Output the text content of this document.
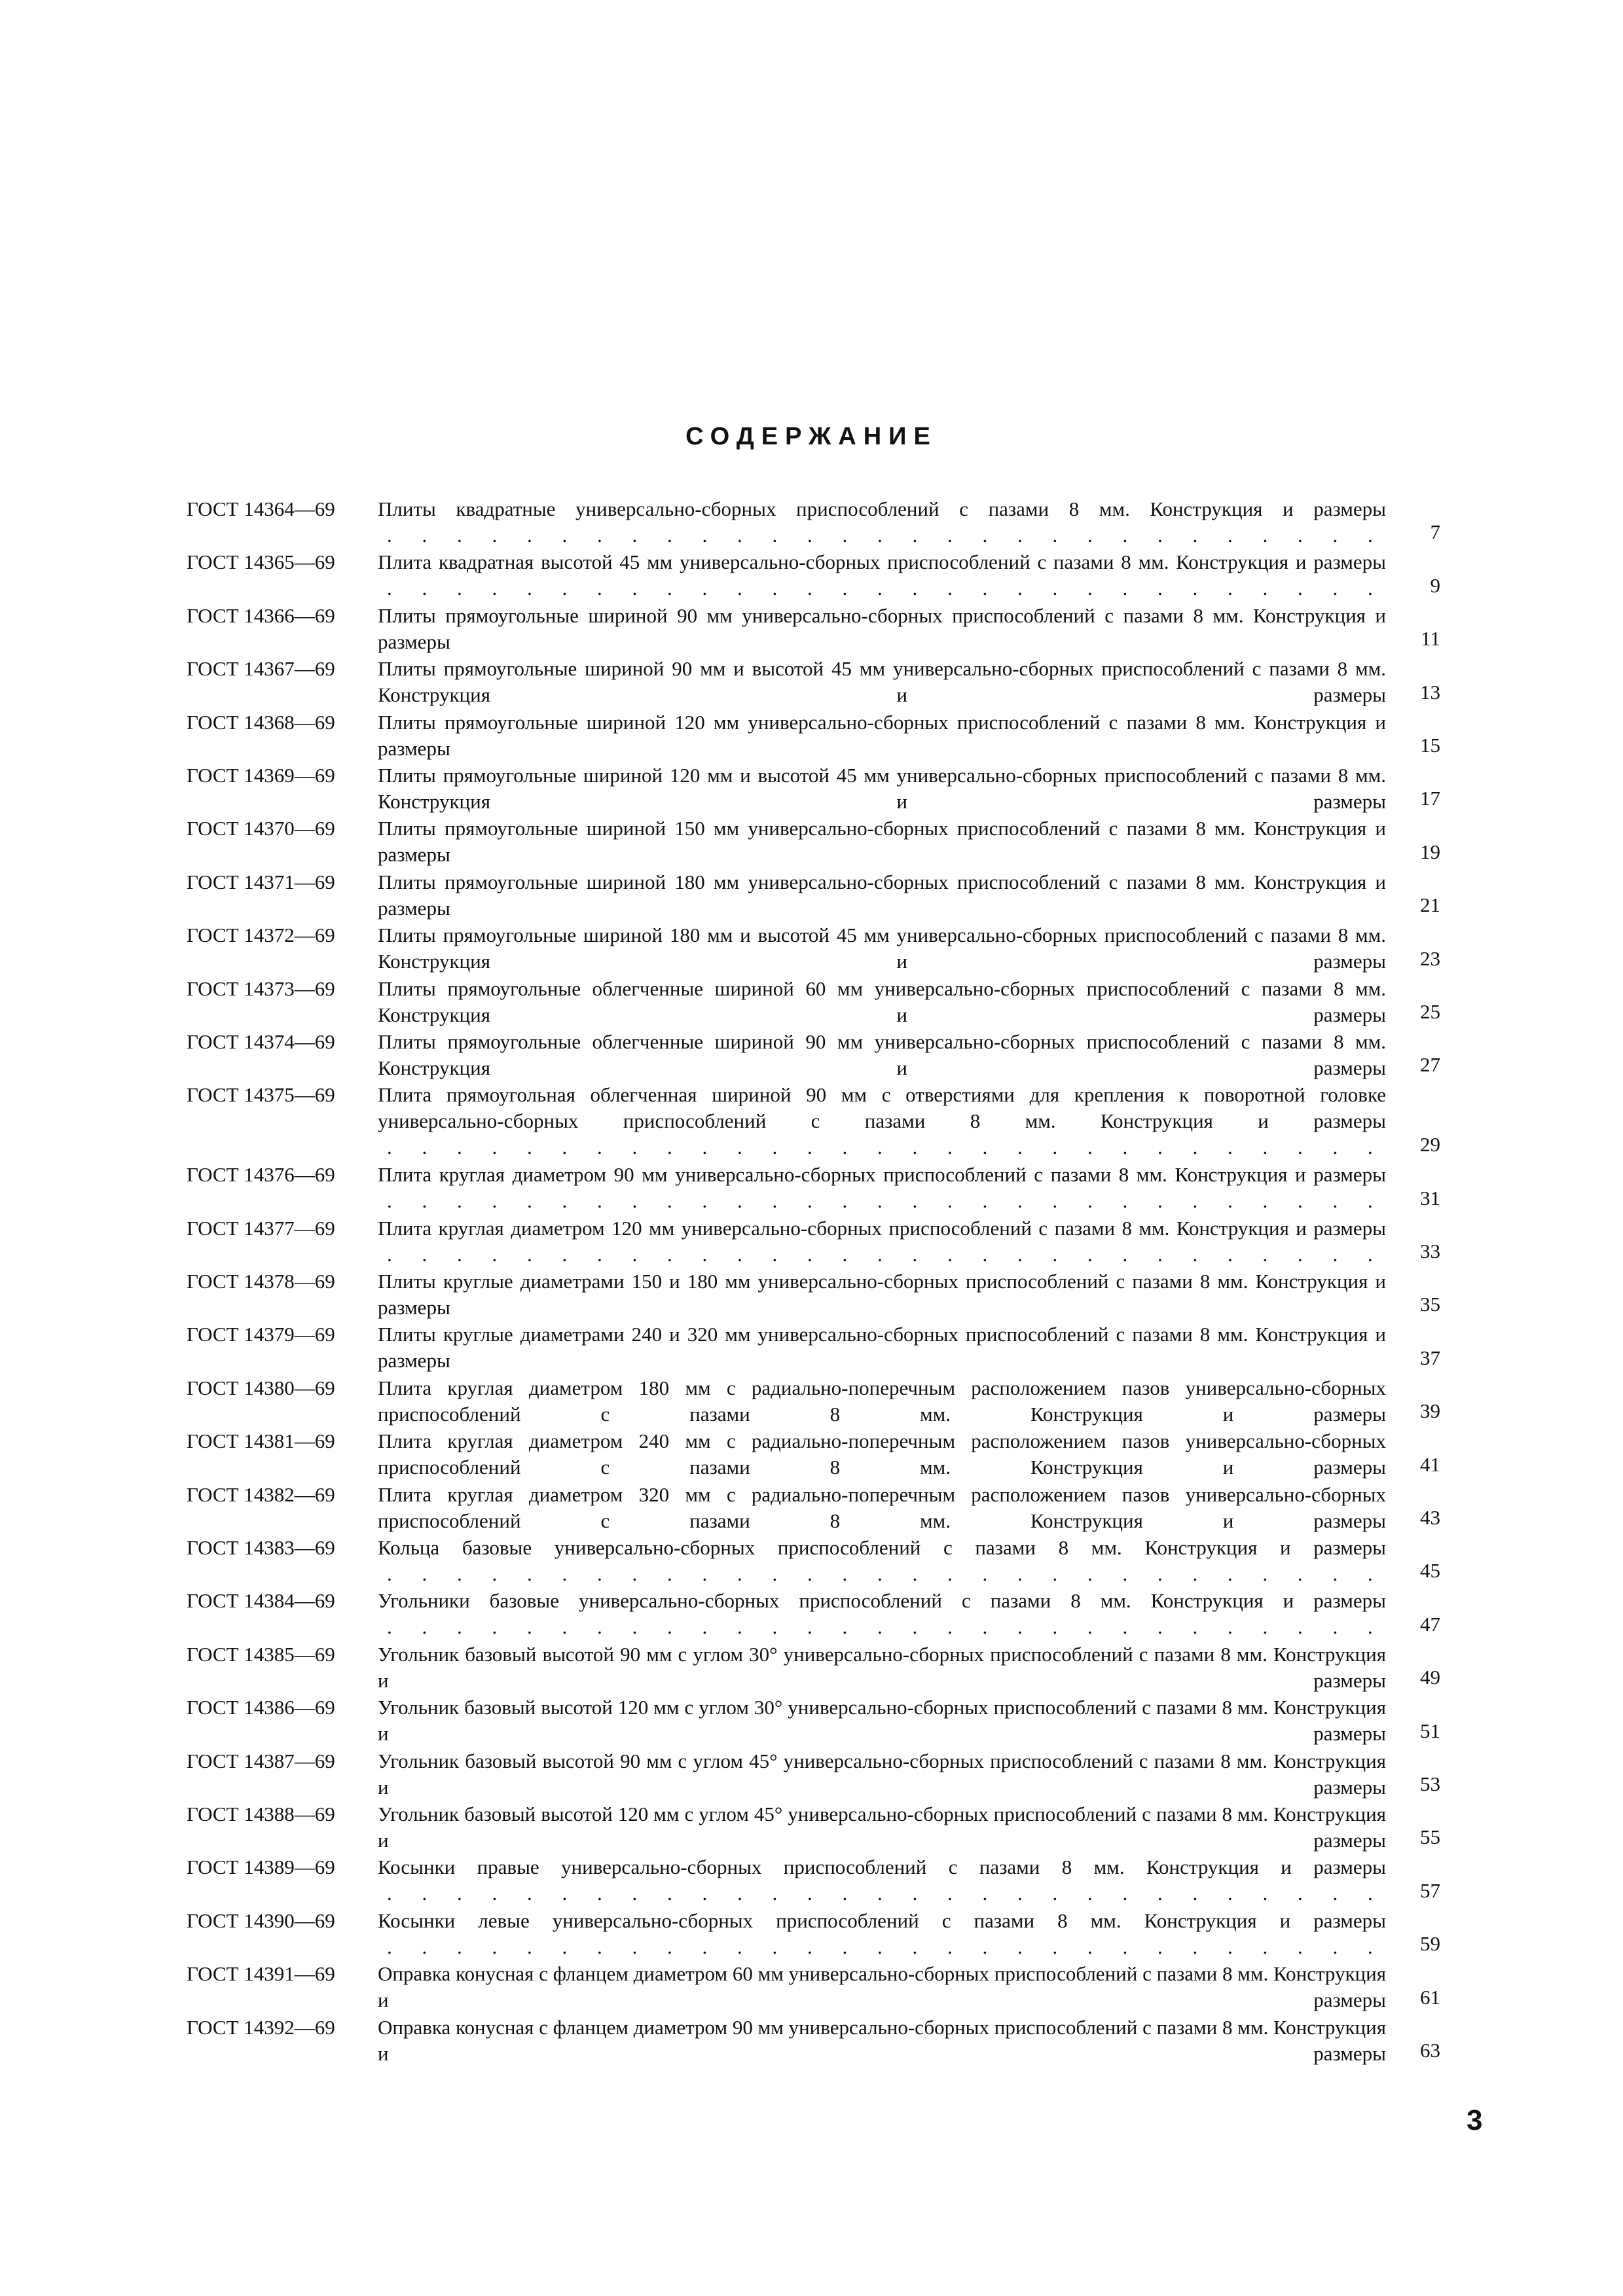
СОДЕРЖАНИЕ
ГОСТ 14364—69	Плиты квадратные универсально-сборных приспособлений с пазами 8 мм. Конструкция и размеры. . .
7
ГОСТ 14365—69	Плита квадратная высотой 45 мм универсально-сборных приспособлений с пазами 8 мм. Конструкция и размеры. . .
9
ГОСТ 14366—69	Плиты прямоугольные шириной 90 мм универсально-сборных приспособлений с пазами 8 мм. Конструкция и размеры. . .	11
ГОСТ 14367—69	Плиты прямоугольные шириной 90 мм и высотой 45 мм универсально-сборных приспособлений с пазами 8 мм. Конструкция и размеры. . .	13
ГОСТ 14368—69	Плиты прямоугольные шириной 120 мм универсально-сборных приспособлений с пазами 8 мм. Конструкция и размеры. . .	15
ГОСТ 14369—69	Плиты прямоугольные шириной 120 мм и высотой 45 мм универсально-сборных приспособлений с пазами 8 мм. Конструкция и размеры. . .	17
ГОСТ 14370—69	Плиты прямоугольные шириной 150 мм универсально-сборных приспособлений с пазами 8 мм. Конструкция и размеры. . .	19
ГОСТ 14371—69	Плиты прямоугольные шириной 180 мм универсально-сборных приспособлений с пазами 8 мм. Конструкция и размеры. . .	21
ГОСТ 14372—69	Плиты прямоугольные шириной 180 мм и высотой 45 мм универсально-сборных приспособлений с пазами 8 мм. Конструкция и размеры. . .	23
ГОСТ 14373—69	Плиты прямоугольные облегченные шириной 60 мм универсально-сборных приспособлений с пазами 8 мм. Конструкция и размеры. . .	25
ГОСТ 14374—69	Плиты прямоугольные облегченные шириной 90 мм универсально-сборных приспособлений с пазами 8 мм. Конструкция и размеры. . .	27
ГОСТ 14375—69	Плита прямоугольная облегченная шириной 90 мм с отверстиями для крепления к поворотной головке универсально-сборных приспособлений с пазами 8 мм. Конструкция и размеры. . .
29
ГОСТ 14376—69	Плита круглая диаметром 90 мм универсально-сборных приспособлений с пазами 8 мм. Конструкция и размеры. . .
31
ГОСТ 14377—69	Плита круглая диаметром 120 мм универсально-сборных приспособлений с пазами 8 мм. Конструкция и размеры. . .
33
ГОСТ 14378—69	Плиты круглые диаметрами 150 и 180 мм универсально-сборных приспособлений с пазами 8 мм. Конструкция и размеры. . .	35
ГОСТ 14379—69	Плиты круглые диаметрами 240 и 320 мм универсально-сборных приспособлений с пазами 8 мм. Конструкция и размеры. . .	37
ГОСТ 14380—69	Плита круглая диаметром 180 мм с радиально-поперечным расположением пазов универсально-сборных приспособлений с пазами 8 мм. Конструкция и размеры. . .	39
ГОСТ 14381—69	Плита круглая диаметром 240 мм с радиально-поперечным расположением пазов универсально-сборных приспособлений с пазами 8 мм. Конструкция и размеры. . .	41
ГОСТ 14382—69	Плита круглая диаметром 320 мм с радиально-поперечным расположением пазов универсально-сборных приспособлений с пазами 8 мм. Конструкция и размеры. . .	43
ГОСТ 14383—69	Кольца базовые универсально-сборных приспособлений с пазами 8 мм. Конструкция и размеры. . .
45
ГОСТ 14384—69	Угольники базовые универсально-сборных приспособлений с пазами 8 мм. Конструкция и размеры. . .
47
ГОСТ 14385—69	Угольник базовый высотой 90 мм с углом 30° универсально-сборных приспособлений с пазами 8 мм. Конструкция и размеры. . .	49
ГОСТ 14386—69	Угольник базовый высотой 120 мм с углом 30° универсально-сборных приспособлений с пазами 8 мм. Конструкция и размеры. . .	51
ГОСТ 14387—69	Угольник базовый высотой 90 мм с углом 45° универсально-сборных приспособлений с пазами 8 мм. Конструкция и размеры. . .	53
ГОСТ 14388—69	Угольник базовый высотой 120 мм с углом 45° универсально-сборных приспособлений с пазами 8 мм. Конструкция и размеры. . .	55
ГОСТ 14389—69	Косынки правые универсально-сборных приспособлений с пазами 8 мм. Конструкция и размеры. . .
57
ГОСТ 14390—69	Косынки левые универсально-сборных приспособлений с пазами 8 мм. Конструкция и размеры. . .
59
ГОСТ 14391—69	Оправка конусная с фланцем диаметром 60 мм универсально-сборных приспособлений с пазами 8 мм. Конструкция и размеры. . .	61
ГОСТ 14392—69	Оправка конусная с фланцем диаметром 90 мм универсально-сборных приспособлений с пазами 8 мм. Конструкция и размеры. . .	63
3
